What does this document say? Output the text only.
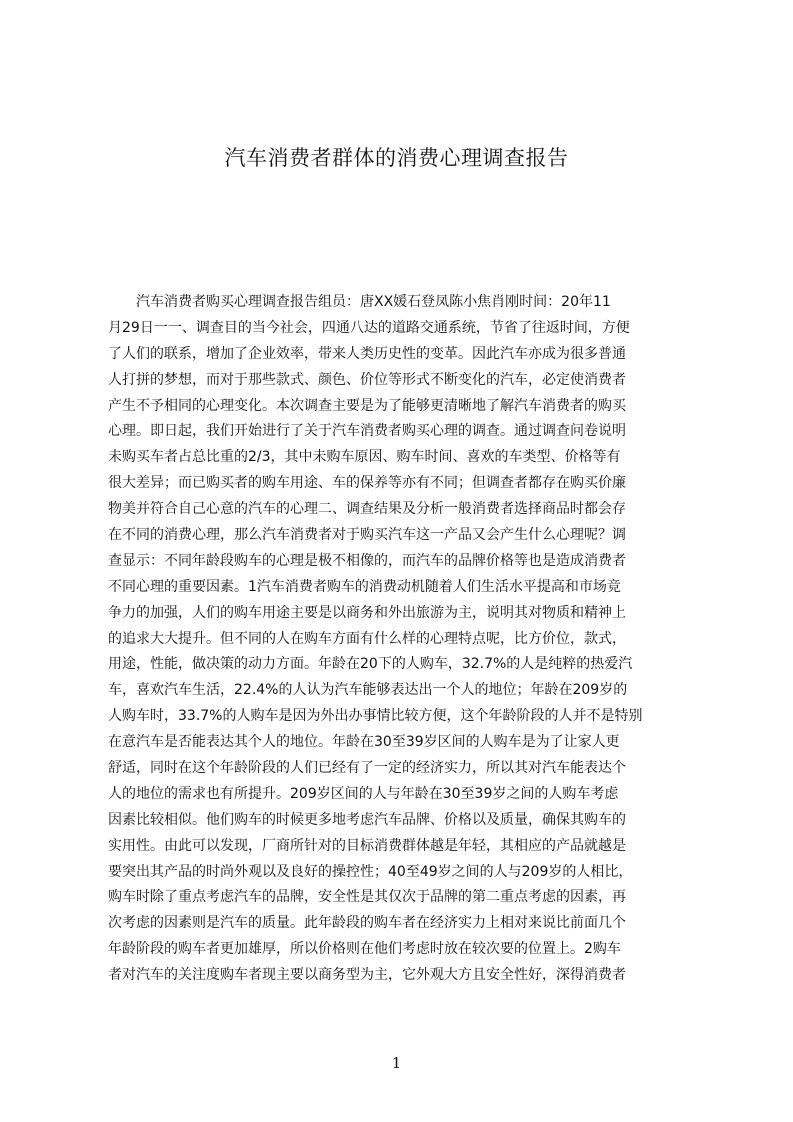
汽车消费者群体的消费心理调查报告
　　汽车消费者购买心理调查报告组员：唐XX媛石登凤陈小焦肖刚时间：20年11
月29日一一、调查目的当今社会，四通八达的道路交通系统，节省了往返时间，方便
了人们的联系，增加了企业效率，带来人类历史性的变革。因此汽车亦成为很多普通
人打拼的梦想，而对于那些款式、颜色、价位等形式不断变化的汽车，必定使消费者
产生不予相同的心理变化。本次调查主要是为了能够更清晰地了解汽车消费者的购买
心理。即日起，我们开始进行了关于汽车消费者购买心理的调查。通过调查问卷说明
未购买车者占总比重的2/3，其中未购车原因、购车时间、喜欢的车类型、价格等有
很大差异；而已购买者的购车用途、车的保养等亦有不同；但调查者都存在购买价廉
物美并符合自己心意的汽车的心理二、调查结果及分析一般消费者选择商品时都会存
在不同的消费心理，那么汽车消费者对于购买汽车这一产品又会产生什么心理呢？调
查显示：不同年龄段购车的心理是极不相像的，而汽车的品牌价格等也是造成消费者
不同心理的重要因素。1汽车消费者购车的消费动机随着人们生活水平提高和市场竞
争力的加强，人们的购车用途主要是以商务和外出旅游为主，说明其对物质和精神上
的追求大大提升。但不同的人在购车方面有什么样的心理特点呢，比方价位，款式，
用途，性能，做决策的动力方面。年龄在20下的人购车，32.7%的人是纯粹的热爱汽
车，喜欢汽车生活，22.4%的人认为汽车能够表达出一个人的地位；年龄在209岁的
人购车时，33.7%的人购车是因为外出办事情比较方便，这个年龄阶段的人并不是特别
在意汽车是否能表达其个人的地位。年龄在30至39岁区间的人购车是为了让家人更
舒适，同时在这个年龄阶段的人们已经有了一定的经济实力，所以其对汽车能表达个
人的地位的需求也有所提升。209岁区间的人与年龄在30至39岁之间的人购车考虑
因素比较相似。他们购车的时候更多地考虑汽车品牌、价格以及质量，确保其购车的
实用性。由此可以发现，厂商所针对的目标消费群体越是年轻，其相应的产品就越是
要突出其产品的时尚外观以及良好的操控性；40至49岁之间的人与209岁的人相比，
购车时除了重点考虑汽车的品牌，安全性是其仅次于品牌的第二重点考虑的因素，再
次考虑的因素则是汽车的质量。此年龄段的购车者在经济实力上相对来说比前面几个
年龄阶段的购车者更加雄厚，所以价格则在他们考虑时放在较次要的位置上。2购车
者对汽车的关注度购车者现主要以商务型为主，它外观大方且安全性好，深得消费者
1
